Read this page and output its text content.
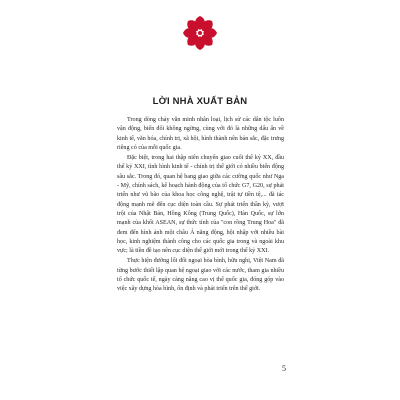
LỜI NHÀ XUẤT BẢN

Trong dòng chảy văn minh nhân loại, lịch sử các dân tộc luôn vận động, biến đổi không ngừng, cùng với đó là những dấu ấn về kinh tế, văn hóa, chính trị, xã hội, hình thành nên bản sắc, đặc trưng riêng có của mỗi quốc gia.

Đặc biệt, trong hai thập niên chuyển giao cuối thế kỷ XX, đầu thế kỷ XXI, tình hình kinh tế - chính trị thế giới có nhiều biến động sâu sắc. Trong đó, quan hệ bang giao giữa các cường quốc như Nga - Mỹ, chính sách, kế hoạch hành động của tổ chức G7, G20, sự phát triển như vũ bão của khoa học công nghệ, trật tự tiền tệ,... đã tác động mạnh mẽ đến cục diện toàn cầu. Sự phát triển thần kỳ, vượt trội của Nhật Bản, Hồng Kông (Trung Quốc), Hàn Quốc, sự lớn mạnh của khối ASEAN, sự thức tỉnh của "con rồng Trung Hoa" đã đem đến hình ảnh một châu Á năng động, hội nhập với nhiều bài học, kinh nghiệm thành công cho các quốc gia trong và ngoài khu vực; là tiền đề tạo nên cục diện thế giới mới trong thế kỷ XXI.

Thực hiện đường lối đối ngoại hòa bình, hữu nghị, Việt Nam đã từng bước thiết lập quan hệ ngoại giao với các nước, tham gia nhiều tổ chức quốc tế, ngày càng nâng cao vị thế quốc gia, đóng góp vào việc xây dựng hòa bình, ổn định và phát triển trên thế giới.

5
